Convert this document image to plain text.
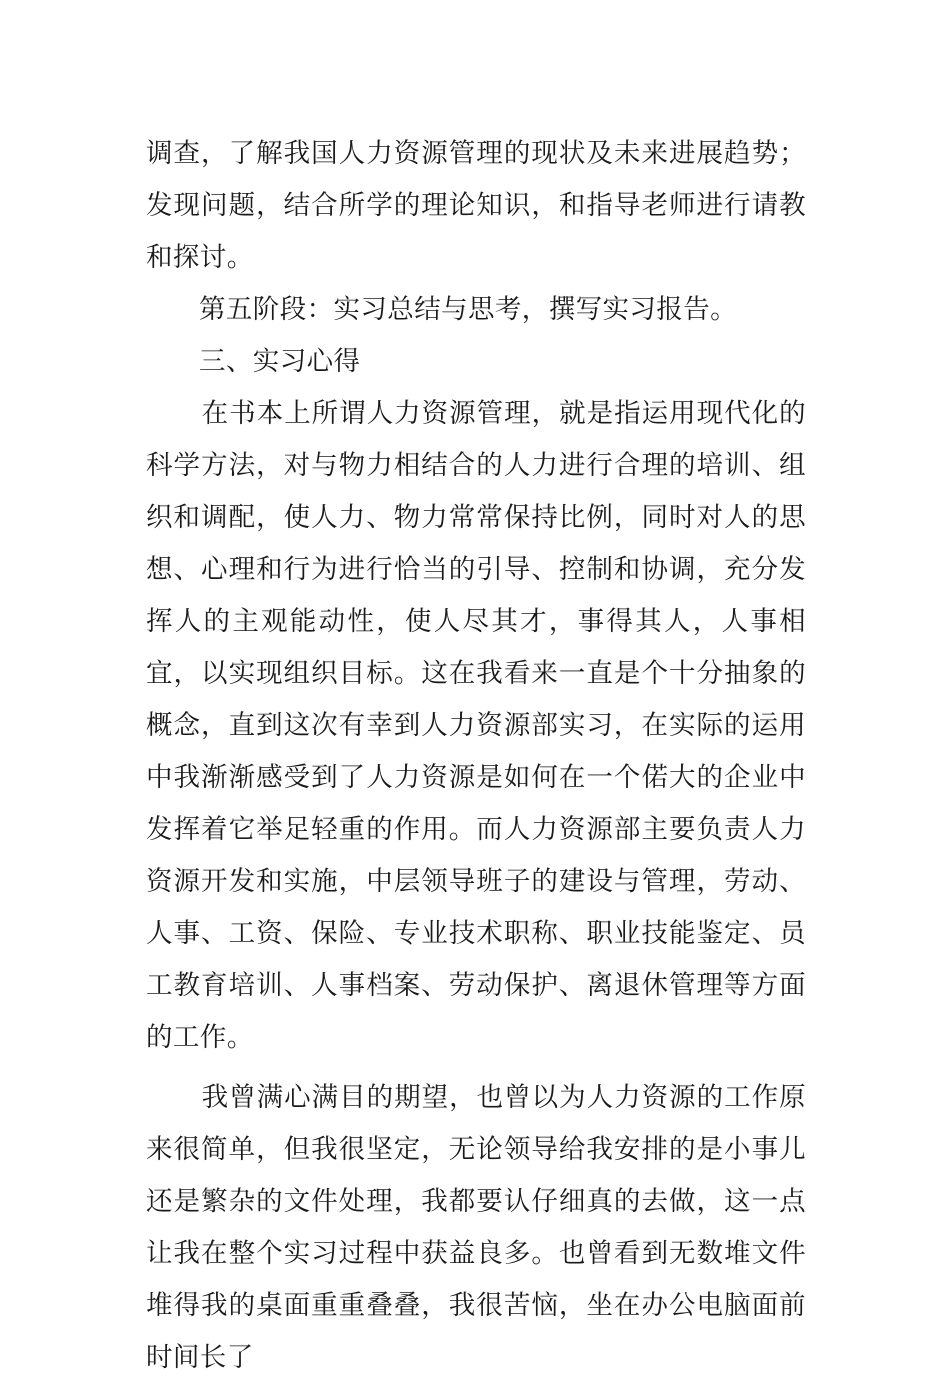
调查，了解我国人力资源管理的现状及未来进展趋势；发现问题，结合所学的理论知识，和指导老师进行请教和探讨。

第五阶段：实习总结与思考，撰写实习报告。

三、实习心得

在书本上所谓人力资源管理，就是指运用现代化的科学方法，对与物力相结合的人力进行合理的培训、组织和调配，使人力、物力常常保持比例，同时对人的思想、心理和行为进行恰当的引导、控制和协调，充分发挥人的主观能动性，使人尽其才，事得其人，人事相宜，以实现组织目标。这在我看来一直是个十分抽象的概念，直到这次有幸到人力资源部实习，在实际的运用中我渐渐感受到了人力资源是如何在一个偌大的企业中发挥着它举足轻重的作用。而人力资源部主要负责人力资源开发和实施，中层领导班子的建设与管理，劳动、人事、工资、保险、专业技术职称、职业技能鉴定、员工教育培训、人事档案、劳动保护、离退休管理等方面的工作。

我曾满心满目的期望，也曾以为人力资源的工作原来很简单，但我很坚定，无论领导给我安排的是小事儿还是繁杂的文件处理，我都要认仔细真的去做，这一点让我在整个实习过程中获益良多。也曾看到无数堆文件堆得我的桌面重重叠叠，我很苦恼，坐在办公电脑面前时间长了
